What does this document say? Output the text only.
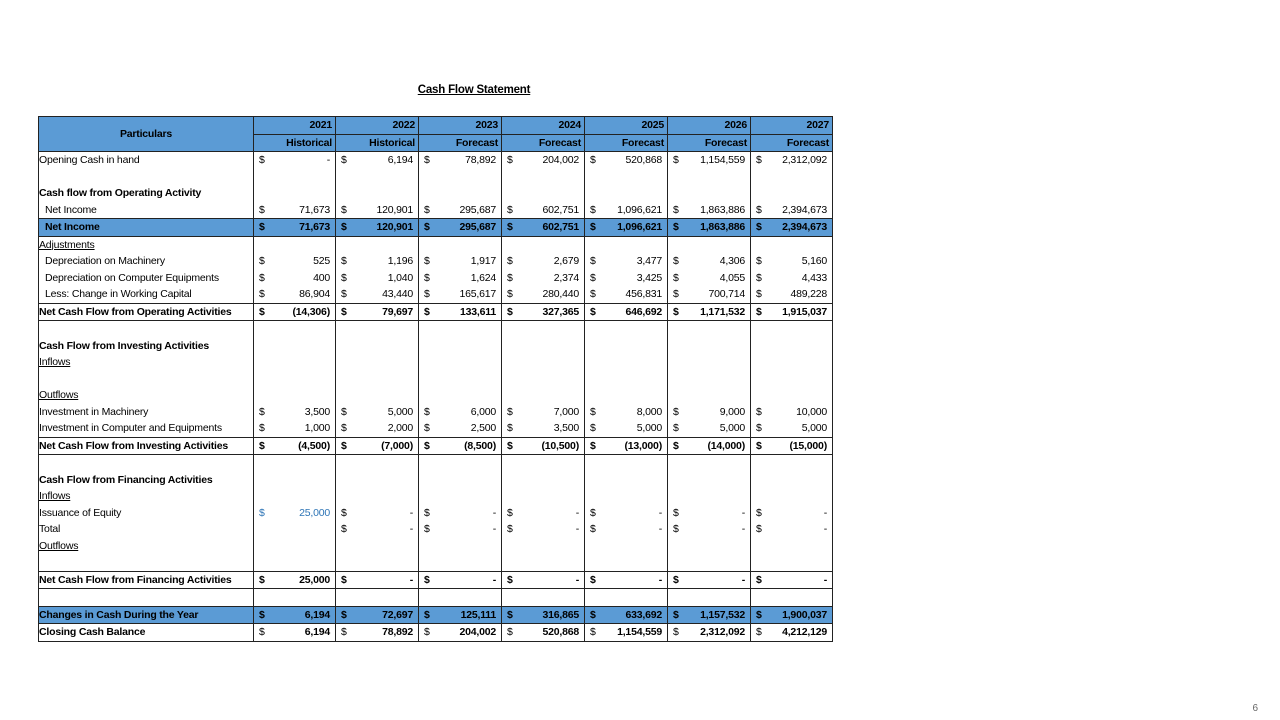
Cash Flow Statement
Particulars	2021	2022	2023	2024	2025	2026	2027
	Historical	Historical	Forecast	Forecast	Forecast	Forecast	Forecast
Opening Cash in hand	$ -	$ 6,194	$ 78,892	$ 204,002	$ 520,868	$ 1,154,559	$ 2,312,092

Cash flow from Operating Activity							
Net Income	$ 71,673	$ 120,901	$ 295,687	$ 602,751	$ 1,096,621	$ 1,863,886	$ 2,394,673

Net Income	$ 71,673	$ 120,901	$ 295,687	$ 602,751	$ 1,096,621	$ 1,863,886	$ 2,394,673

Adjustments							
Depreciation on Machinery	$ 525	$ 1,196	$ 1,917	$ 2,679	$ 3,477	$ 4,306	$ 5,160

Depreciation on Computer Equipments	$ 400	$ 1,040	$ 1,624	$ 2,374	$ 3,425	$ 4,055	$ 4,433

Less: Change in Working Capital	$ 86,904	$ 43,440	$ 165,617	$ 280,440	$ 456,831	$ 700,714	$ 489,228

Net Cash Flow from Operating Activities	$ (14,306)	$ 79,697	$ 133,611	$ 327,365	$ 646,692	$ 1,171,532	$ 1,915,037

Cash Flow from Investing Activities							
Inflows							

Outflows							
Investment in Machinery	$ 3,500	$ 5,000	$ 6,000	$ 7,000	$ 8,000	$ 9,000	$ 10,000

Investment in Computer and Equipments	$ 1,000	$ 2,000	$ 2,500	$ 3,500	$ 5,000	$ 5,000	$ 5,000

Net Cash Flow from Investing Activities	$ (4,500)	$ (7,000)	$ (8,500)	$ (10,500)	$ (13,000)	$ (14,000)	$ (15,000)

Cash Flow from Financing Activities							
Inflows							
Issuance of Equity	$ 25,000	$ -	$ -	$ -	$ -	$ -	$ -

Total		$ -	$ -	$ -	$ -	$ -	$ -

Outflows							

Net Cash Flow from Financing Activities	$ 25,000	$ -	$ -	$ -	$ -	$ -	$ -

Changes in Cash During the Year	$ 6,194	$ 72,697	$ 125,111	$ 316,865	$ 633,692	$ 1,157,532	$ 1,900,037

Closing Cash Balance	$ 6,194	$ 78,892	$ 204,002	$ 520,868	$ 1,154,559	$ 2,312,092	$ 4,212,129
6
